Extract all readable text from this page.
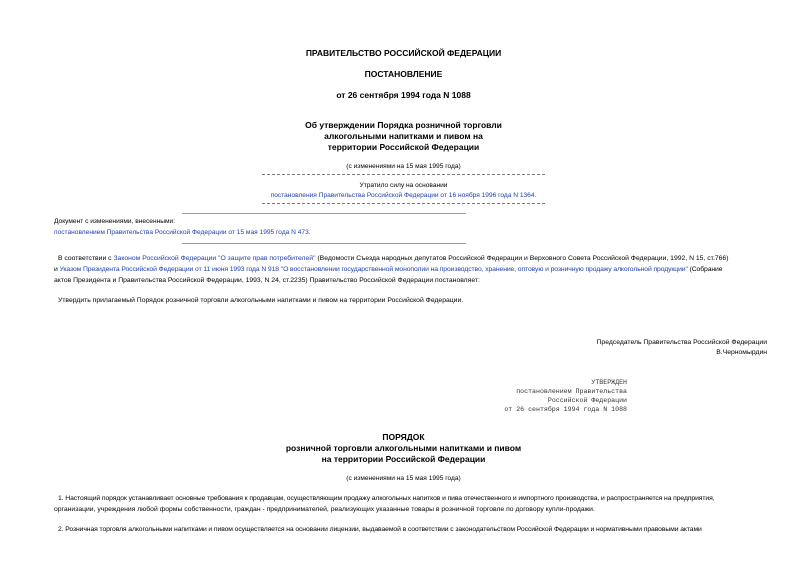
ПРАВИТЕЛЬСТВО РОССИЙСКОЙ ФЕДЕРАЦИИ
ПОСТАНОВЛЕНИЕ
от 26 сентября 1994 года N 1088
Об утверждении Порядка розничной торговли
алкогольными напитками и пивом на
территории Российской Федерации
(с изменениями на 15 мая 1995 года)
Утратило силу на основании
постановления Правительства Российской Федерации от 16 ноября 1996 года N 1364.
Документ с изменениями, внесенными:
постановлением Правительства Российской Федерации от 15 мая 1995 года N 473.
В соответствии с Законом Российской Федерации "О защите прав потребителей" (Ведомости Съезда народных депутатов Российской Федерации и Верховного Совета Российской Федерации, 1992, N 15, ст.766)
и Указом Президента Российской Федерации от 11 июня 1993 года N 918 "О восстановлении государственной монополии на производство, хранение, оптовую и розничную продажу алкогольной продукции" (Собрание
актов Президента и Правительства Российской Федерации, 1993, N 24, ст.2235) Правительство Российской Федерации постановляет:
Утвердить прилагаемый Порядок розничной торговли алкогольными напитками и пивом на территории Российской Федерации.
Председатель Правительства Российской Федерации
В.Черномырдин
УТВЕРЖДЕН
постановлением Правительства
Российской Федерации
от 26 сентября 1994 года N 1088
ПОРЯДОК
розничной торговли алкогольными напитками и пивом
на территории Российской Федерации
(с изменениями на 15 мая 1995 года)
1. Настоящий порядок устанавливает основные требования к продавцам, осуществляющим продажу алкогольных напитков и пива отечественного и импортного производства, и распространяется на предприятия,
организации, учреждения любой формы собственности, граждан - предпринимателей, реализующих указанные товары в розничной торговле по договору купли-продажи.
2. Розничная торговля алкогольными напитками и пивом осуществляется на основании лицензии, выдаваемой в соответствии с законодательством Российской Федерации и нормативными правовыми актами
